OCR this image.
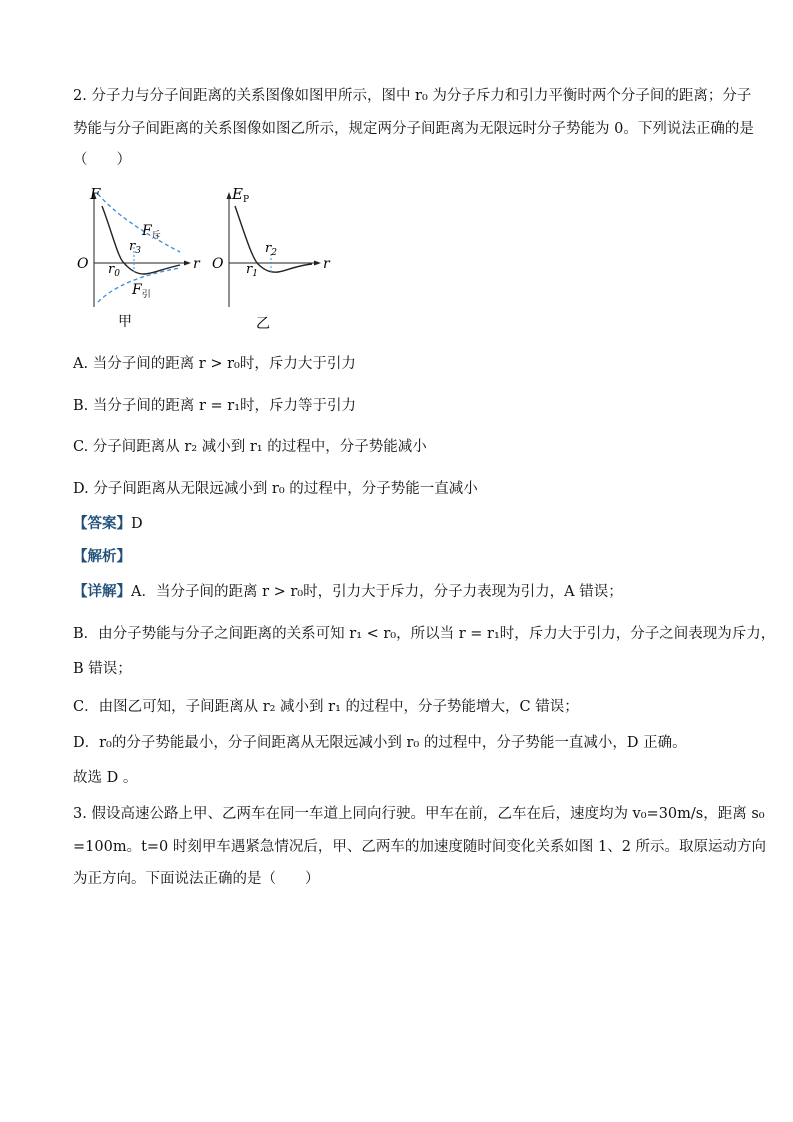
2. 分子力与分子间距离的关系图像如图甲所示，图中 r₀ 为分子斥力和引力平衡时两个分子间的距离；分子
势能与分子间距离的关系图像如图乙所示，规定两分子间距离为无限远时分子势能为 0。下列说法正确的是
（　　）
F
r
O $r_0$
$r_3$
$F_斥$
$F_引$
甲
$E_P$
r
O $r_1$
$r_2$
乙
A. 当分子间的距离 r > r₀时，斥力大于引力
B. 当分子间的距离 r = r₁时，斥力等于引力
C. 分子间距离从 r₂ 减小到 r₁ 的过程中，分子势能减小
D. 分子间距离从无限远减小到 r₀ 的过程中，分子势能一直减小
【答案】D
【解析】
【详解】A．当分子间的距离 r > r₀时，引力大于斥力，分子力表现为引力，A 错误；
B．由分子势能与分子之间距离的关系可知 r₁ < r₀，所以当 r = r₁时，斥力大于引力，分子之间表现为斥力，
B 错误；
C．由图乙可知，子间距离从 r₂ 减小到 r₁ 的过程中，分子势能增大，C 错误；
D．r₀的分子势能最小，分子间距离从无限远减小到 r₀ 的过程中，分子势能一直减小，D 正确。
故选 D 。
3. 假设高速公路上甲、乙两车在同一车道上同向行驶。甲车在前，乙车在后，速度均为 v₀=30m/s，距离 s₀
=100m。t=0 时刻甲车遇紧急情况后，甲、乙两车的加速度随时间变化关系如图 1、2 所示。取原运动方向
为正方向。下面说法正确的是（　　）
